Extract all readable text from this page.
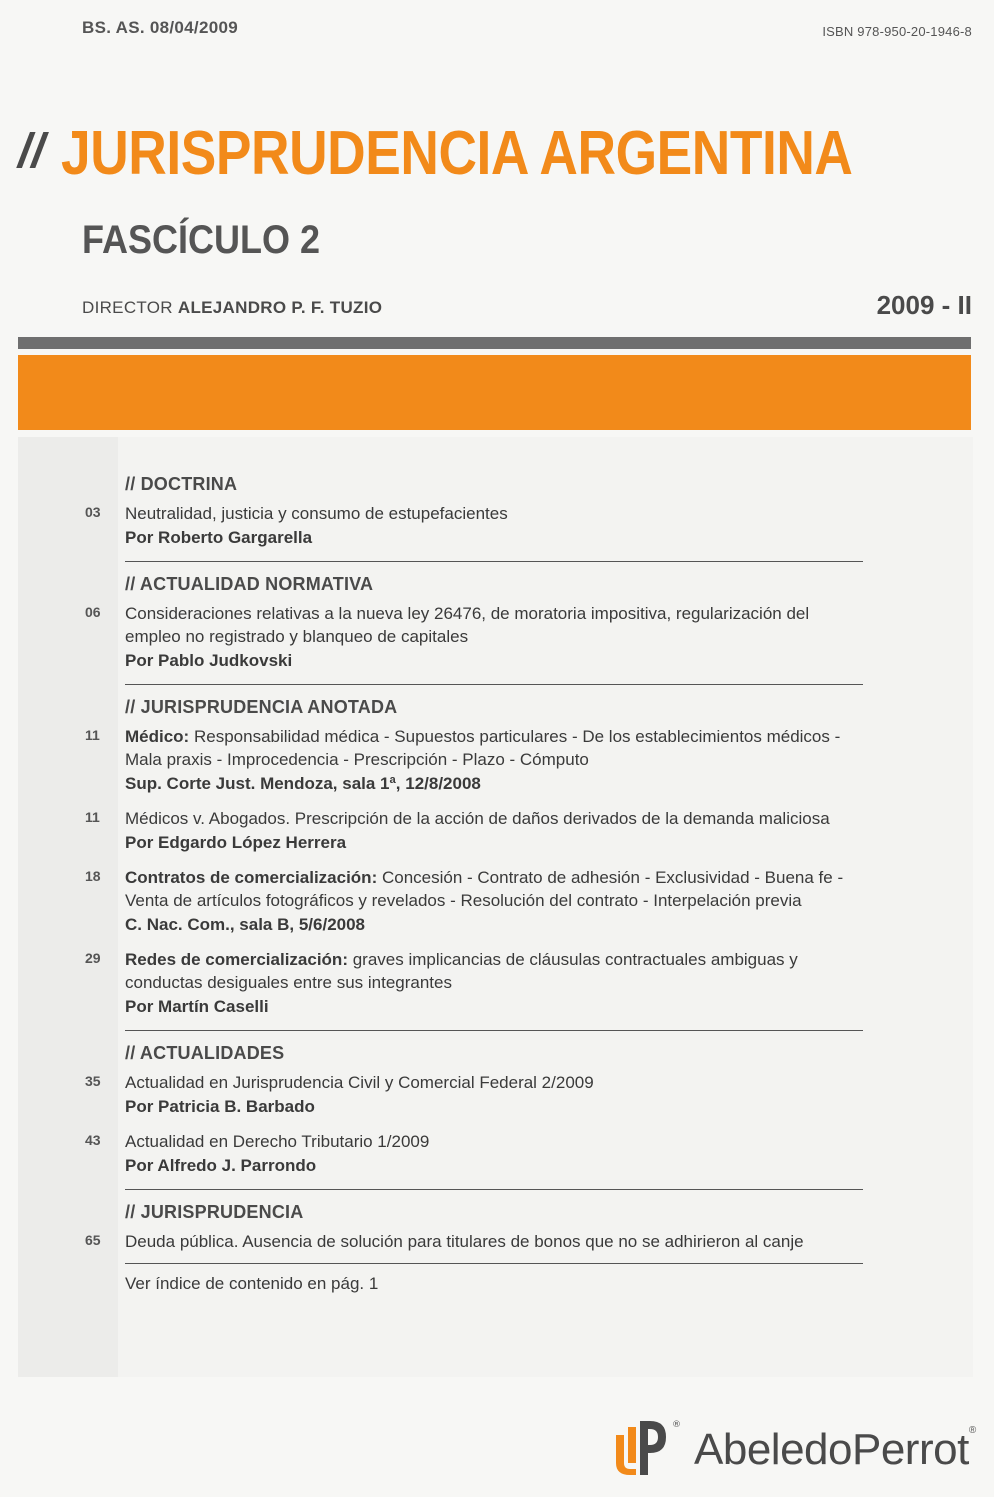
BS. AS. 08/04/2009	ISBN 978-950-20-1946-8
// JURISPRUDENCIA ARGENTINA
FASCÍCULO 2
DIRECTOR ALEJANDRO P. F. TUZIO	2009 - II
// DOCTRINA
03	Neutralidad, justicia y consumo de estupefacientes
Por Roberto Gargarella
// ACTUALIDAD NORMATIVA
06	Consideraciones relativas a la nueva ley 26476, de moratoria impositiva, regularización del empleo no registrado y blanqueo de capitales
Por Pablo Judkovski
// JURISPRUDENCIA ANOTADA
11	Médico: Responsabilidad médica - Supuestos particulares - De los establecimientos médicos - Mala praxis - Improcedencia - Prescripción - Plazo - Cómputo
Sup. Corte Just. Mendoza, sala 1ª, 12/8/2008
11	Médicos v. Abogados. Prescripción de la acción de daños derivados de la demanda maliciosa
Por Edgardo López Herrera
18	Contratos de comercialización: Concesión - Contrato de adhesión - Exclusividad - Buena fe - Venta de artículos fotográficos y revelados - Resolución del contrato - Interpelación previa
C. Nac. Com., sala B, 5/6/2008
29	Redes de comercialización: graves implicancias de cláusulas contractuales ambiguas y conductas desiguales entre sus integrantes
Por Martín Caselli
// ACTUALIDADES
35	Actualidad en Jurisprudencia Civil y Comercial Federal 2/2009
Por Patricia B. Barbado
43	Actualidad en Derecho Tributario 1/2009
Por Alfredo J. Parrondo
// JURISPRUDENCIA
65	Deuda pública. Ausencia de solución para titulares de bonos que no se adhirieron al canje
Ver índice de contenido en pág. 1
® AbeledoPerrot®
